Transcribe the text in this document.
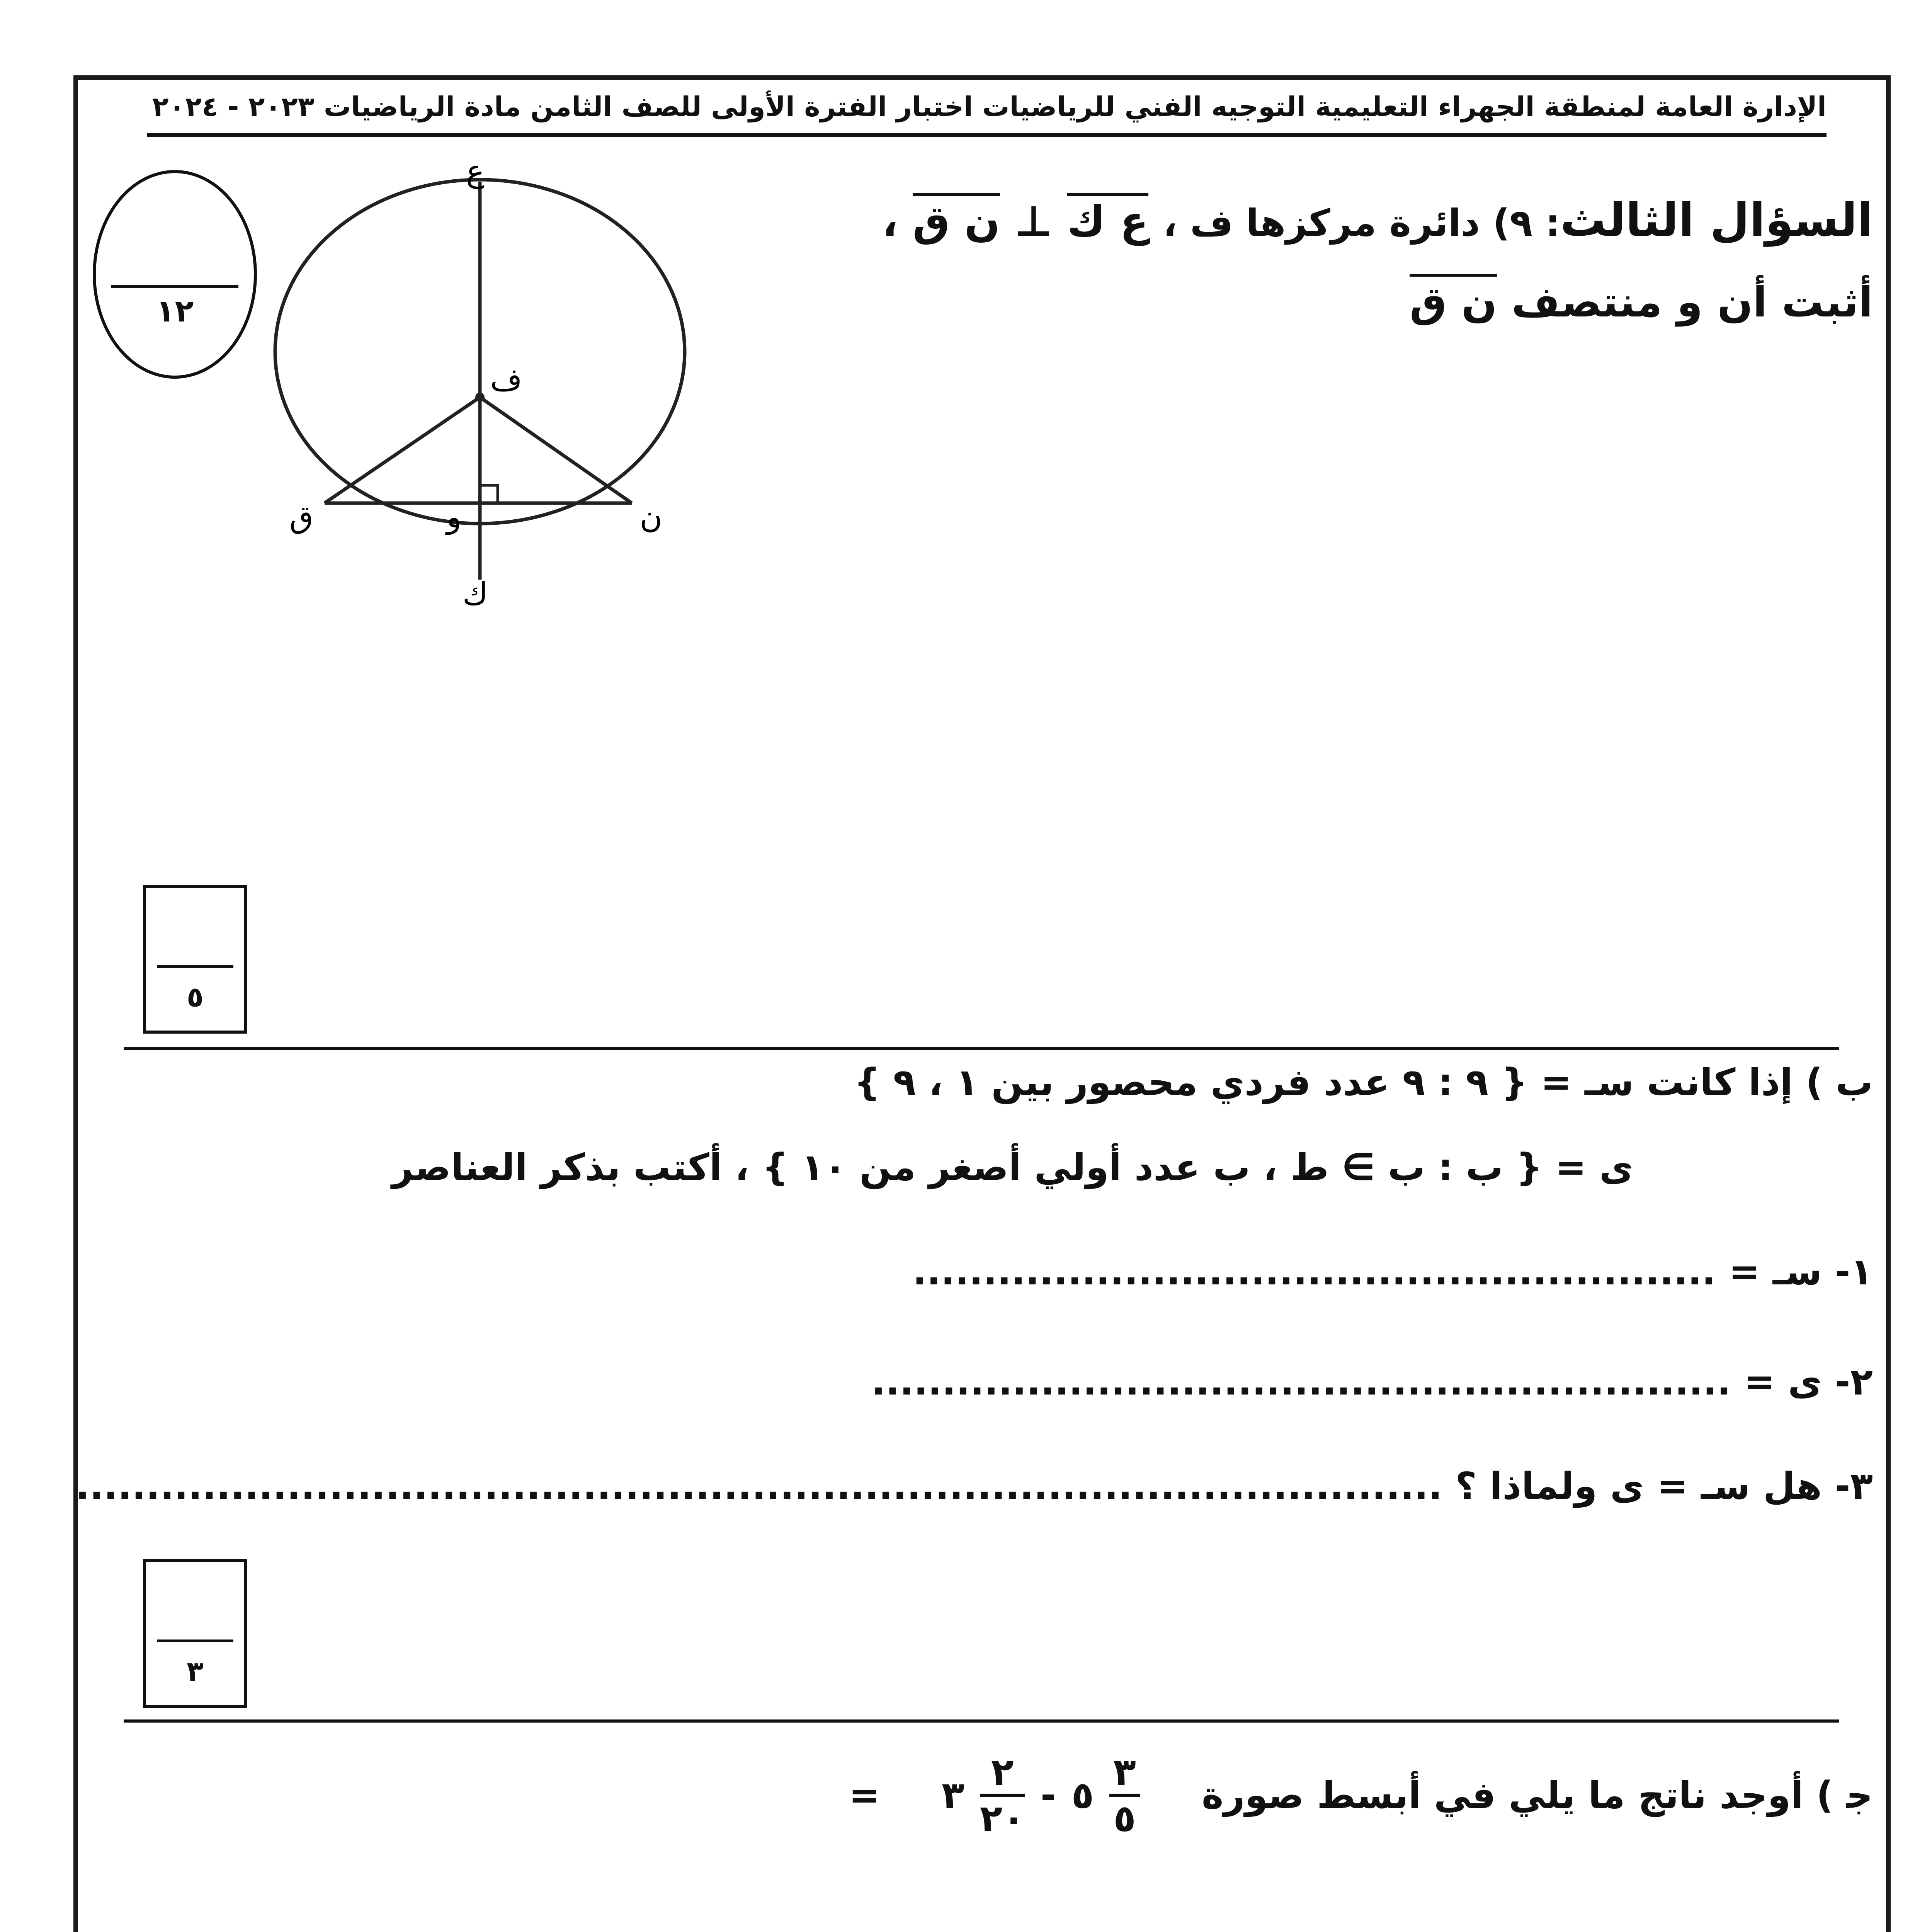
الإدارة العامة لمنطقة الجهراء التعليمية التوجيه الفني للرياضيات اختبار الفترة الأولى للصف الثامن مادة الرياضيات ٢٠٢٣ - ٢٠٢٤
١٢
ع
ف
ق	و	ن
ك
السؤال الثالث: ٩) دائرة مركزها ف ، ع ك ⊥ ن ق ،
أثبت أن و منتصف ن ق
٥
ب ) إذا كانت سـ = { ٩ : ٩ عدد فردي محصور بين ١ ، ٩ }
ى = { ب : ب ∋ ط ، ب عدد أولي أصغر من ١٠ } ، أكتب بذكر العناصر
١- سـ = .........................................................
٢- ى = .............................................................
٣- هل سـ = ى ولماذا ؟ .................................................................................................
٣
ﺟ ) أوجد ناتج ما يلي في أبسط صورة
$\frac{٣}{٥}$
٥
-
$\frac{٢}{٢٠}$
٣
=
